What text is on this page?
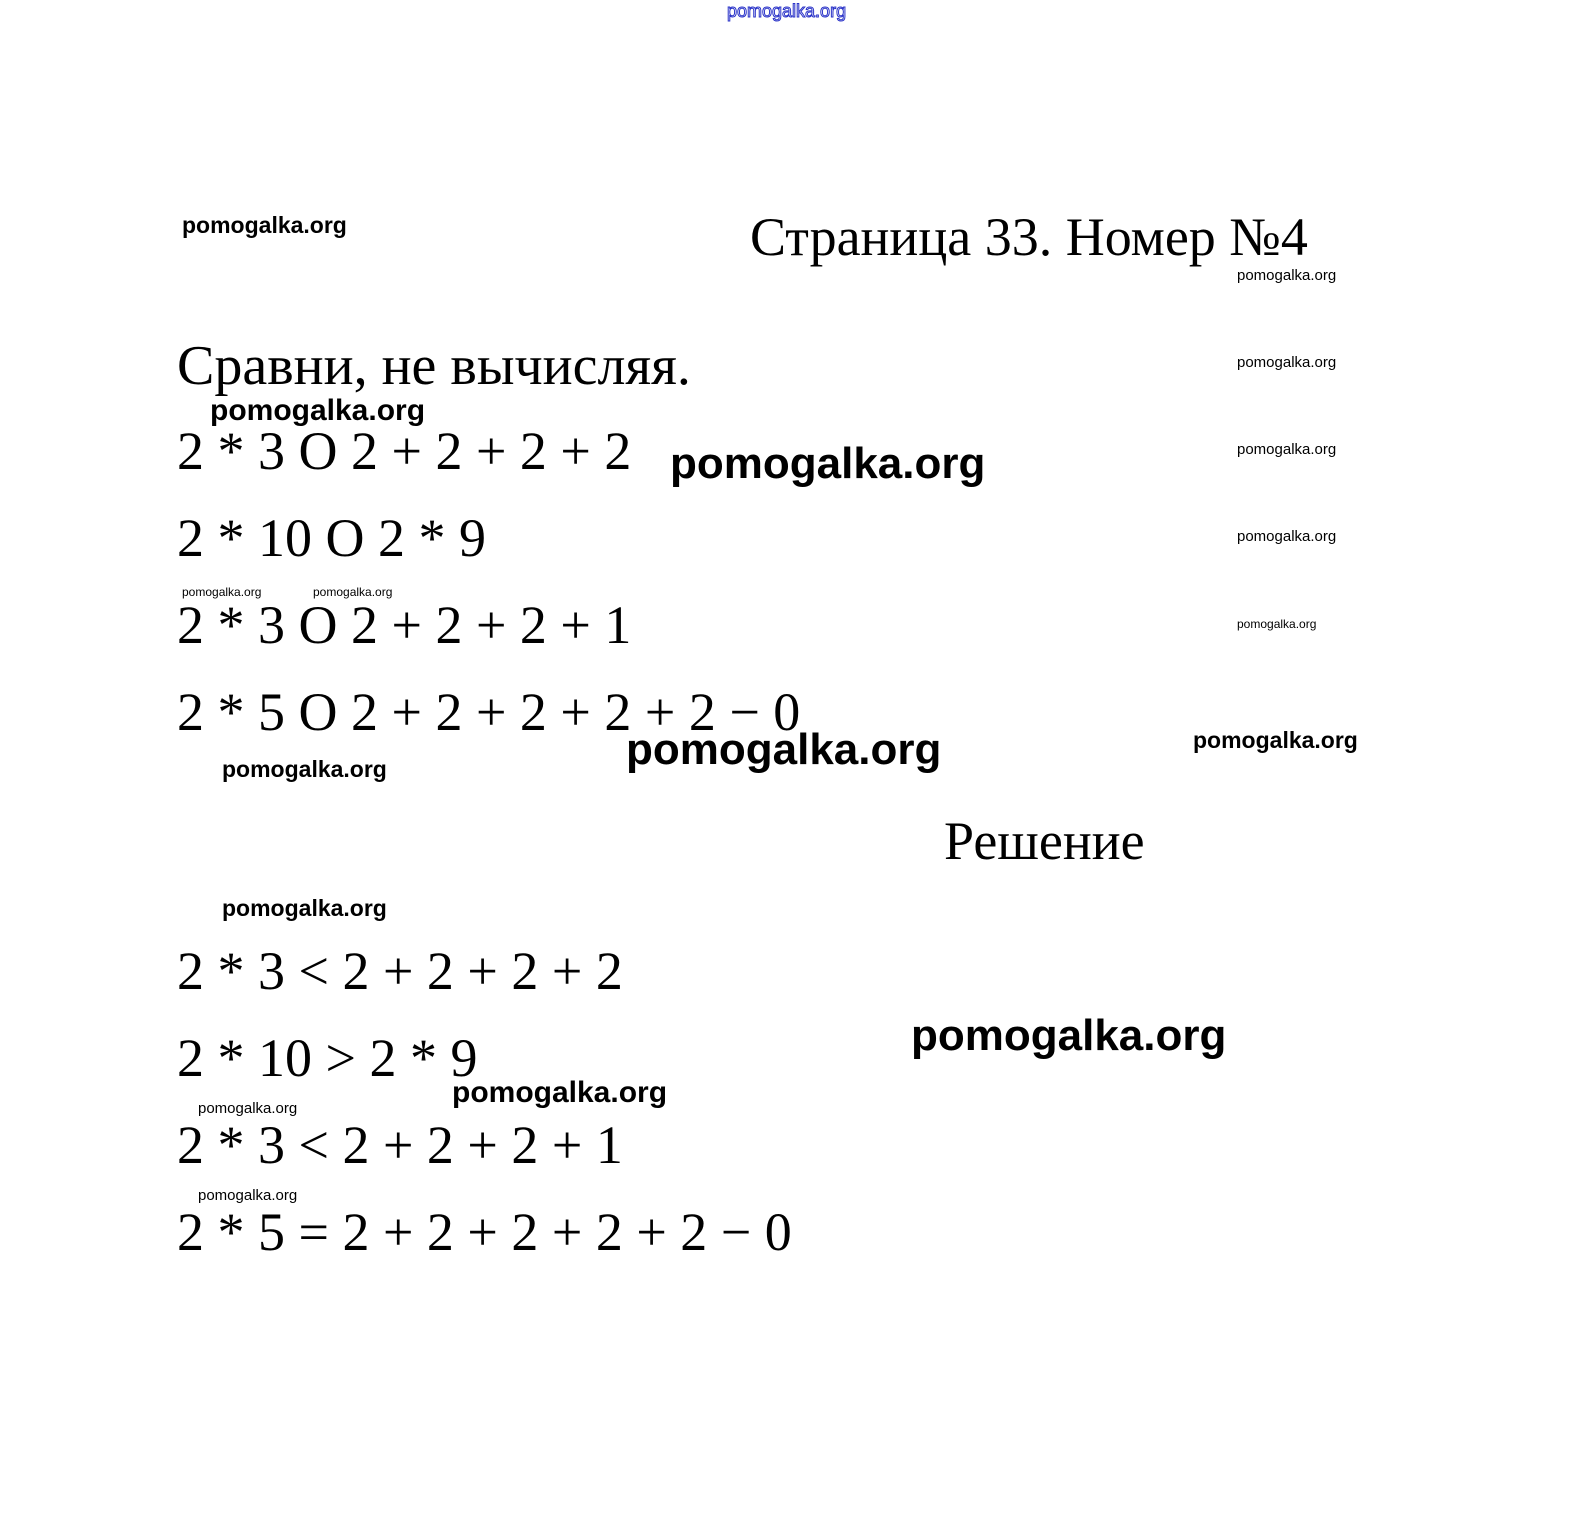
pomogalka.org
pomogalka.org	Страница 33. Номер №4
pomogalka.org
Сравни, не вычисляя.	pomogalka.org
pomogalka.org
2 * 3 O 2 + 2 + 2 + 2 pomogalka.org	pomogalka.org
2 * 10 O 2 * 9	pomogalka.org
pomogalka.org	pomogalka.org
2 * 3 O 2 + 2 + 2 + 1	pomogalka.org
2 * 5 O 2 + 2 + 2 + 2 + 2 − 0	pomogalka.org
pomogalka.org
pomogalka.org
Решение
pomogalka.org
2 * 3 < 2 + 2 + 2 + 2
pomogalka.org
2 * 10 > 2 * 9
pomogalka.org
pomogalka.org
2 * 3 < 2 + 2 + 2 + 1
pomogalka.org
2 * 5 = 2 + 2 + 2 + 2 + 2 − 0
